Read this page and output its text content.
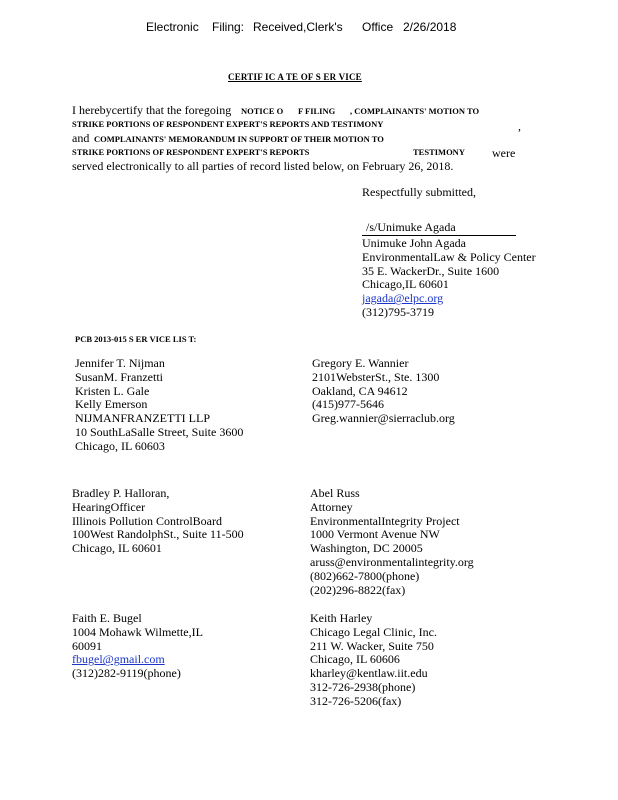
Electronic Filing: Received,Clerk's Office 2/26/2018
CERTIF IC A TE OF S ER VICE
I herebycertify that the foregoing NOTICE O F FILING , COMPLAINANTS' MOTION TO
STRIKE PORTIONS OF RESPONDENT EXPERT'S REPORTS AND TESTIMONY	,
and COMPLAINANTS' MEMORANDUM IN SUPPORT OF THEIR MOTION TO
STRIKE PORTIONS OF RESPONDENT EXPERT'S REPORTS	TESTIMONY were
served electronically to all parties of record listed below, on February 26, 2018.
Respectfully submitted,
/s/Unimuke Agada
Unimuke John Agada
EnvironmentalLaw & Policy Center
35 E. WackerDr., Suite 1600
Chicago,IL 60601
jagada@elpc.org
(312)795-3719
PCB 2013-015 S ER VICE LIS T:
Jennifer T. Nijman
SusanM. Franzetti
Kristen L. Gale
Kelly Emerson
NIJMANFRANZETTI LLP
10 SouthLaSalle Street, Suite 3600
Chicago, IL 60603
Gregory E. Wannier
2101WebsterSt., Ste. 1300
Oakland, CA 94612
(415)977-5646
Greg.wannier@sierraclub.org
Bradley P. Halloran,
HearingOfficer
Illinois Pollution ControlBoard
100West RandolphSt., Suite 11-500
Chicago, IL 60601
Abel Russ
Attorney
EnvironmentalIntegrity Project
1000 Vermont Avenue NW
Washington, DC 20005
aruss@environmentalintegrity.org
(802)662-7800(phone)
(202)296-8822(fax)
Faith E. Bugel
1004 Mohawk Wilmette,IL
60091
fbugel@gmail.com
(312)282-9119(phone)
Keith Harley
Chicago Legal Clinic, Inc.
211 W. Wacker, Suite 750
Chicago, IL 60606
kharley@kentlaw.iit.edu
312-726-2938(phone)
312-726-5206(fax)
